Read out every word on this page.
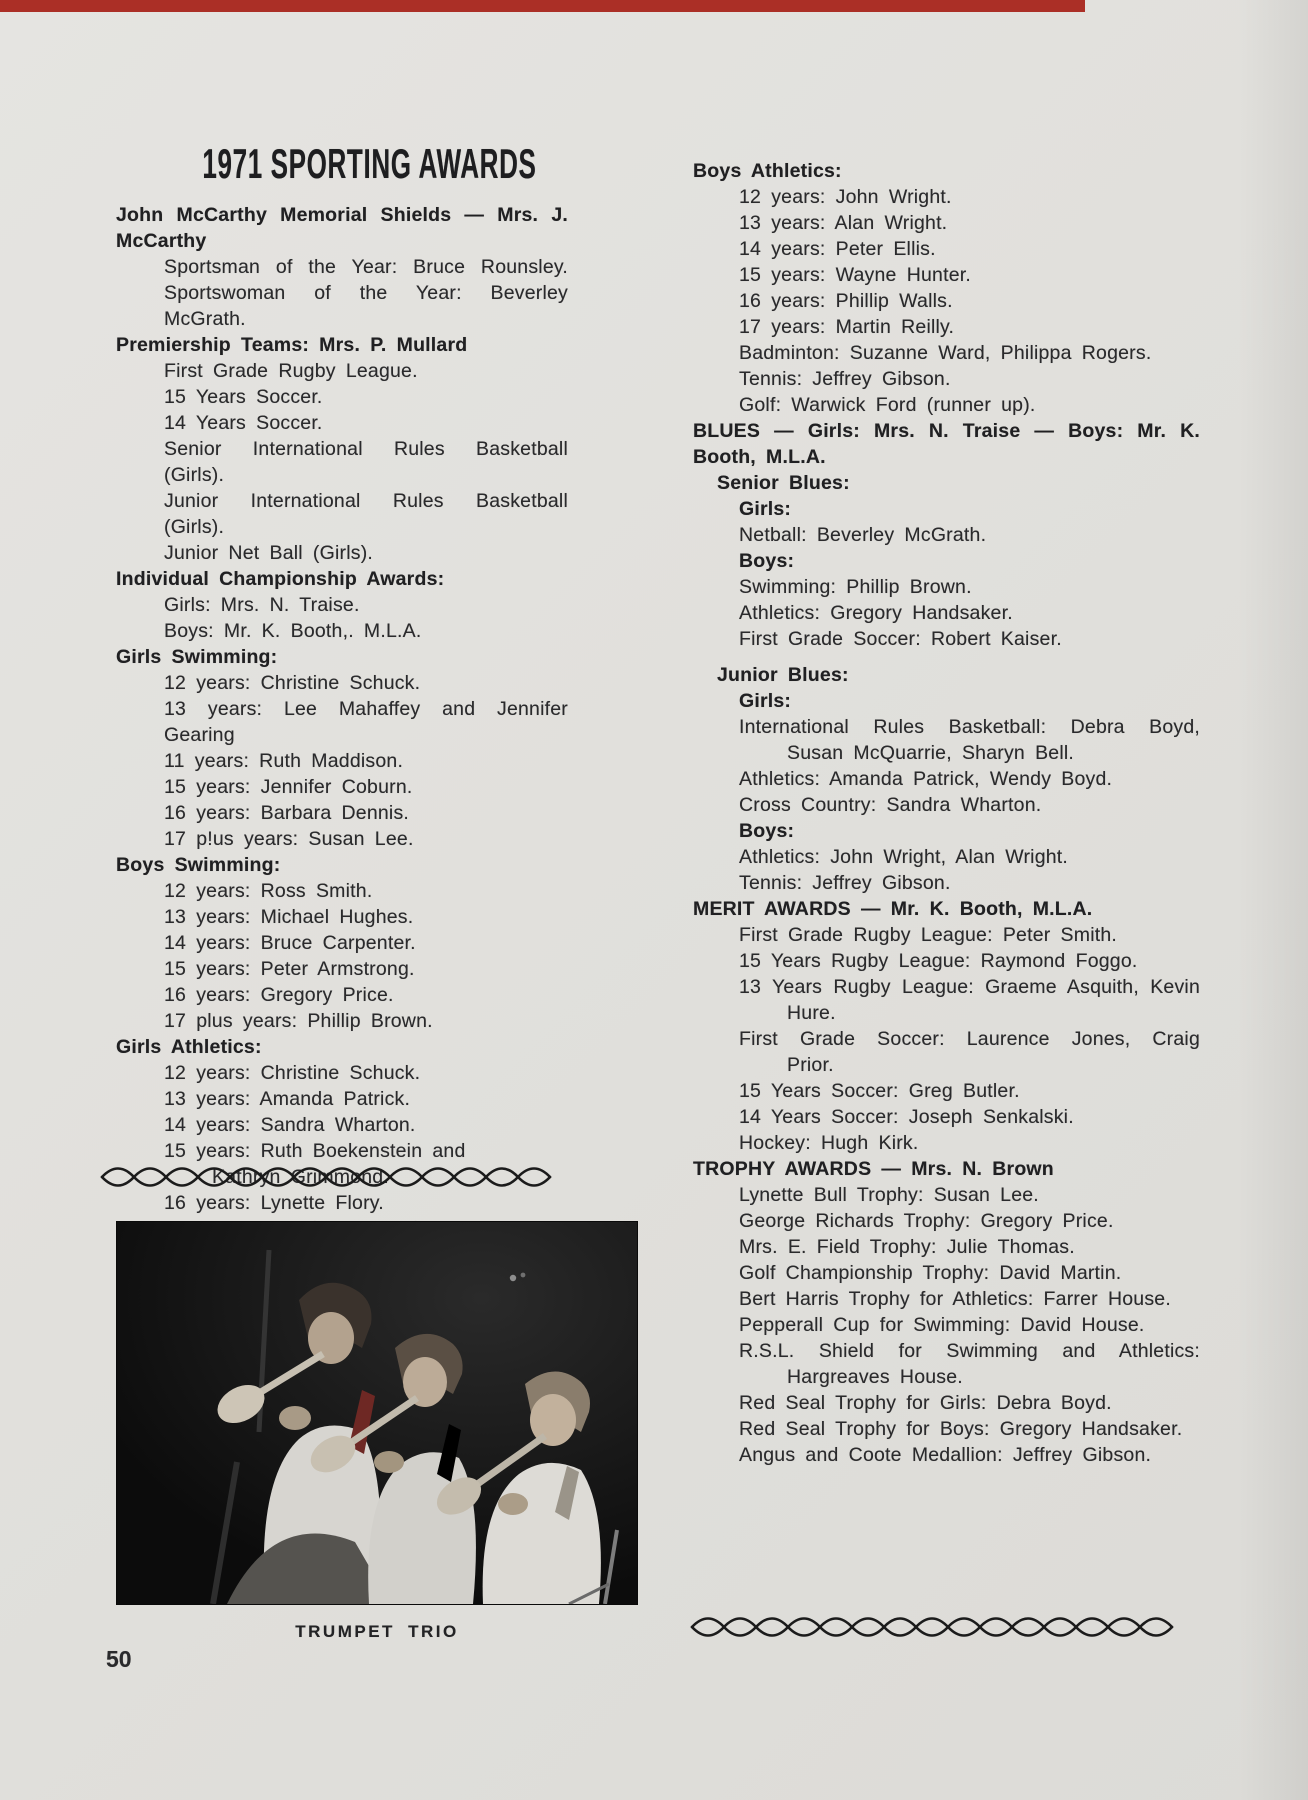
1971 SPORTING AWARDS
John McCarthy Memorial Shields — Mrs. J.
McCarthy
Sportsman of the Year: Bruce Rounsley.
Sportswoman of the Year: Beverley McGrath.
Premiership Teams: Mrs. P. Mullard
First Grade Rugby League.
15 Years Soccer.
14 Years Soccer.
Senior International Rules Basketball (Girls).
Junior International Rules Basketball (Girls).
Junior Net Ball (Girls).
Individual Championship Awards:
Girls: Mrs. N. Traise.
Boys: Mr. K. Booth,. M.L.A.
Girls Swimming:
12 years: Christine Schuck.
13 years: Lee Mahaffey and Jennifer Gearing
11 years: Ruth Maddison.
15 years: Jennifer Coburn.
16 years: Barbara Dennis.
17 p!us years: Susan Lee.
Boys Swimming:
12 years: Ross Smith.
13 years: Michael Hughes.
14 years: Bruce Carpenter.
15 years: Peter Armstrong.
16 years: Gregory Price.
17 plus years: Phillip Brown.
Girls Athletics:
12 years: Christine Schuck.
13 years: Amanda Patrick.
14 years: Sandra Wharton.
15 years: Ruth Boekenstein and
Kathryn Grimmond.
16 years: Lynette Flory.
Boys Athletics:
12 years: John Wright.
13 years: Alan Wright.
14 years: Peter Ellis.
15 years: Wayne Hunter.
16 years: Phillip Walls.
17 years: Martin Reilly.
Badminton: Suzanne Ward, Philippa Rogers.
Tennis: Jeffrey Gibson.
Golf: Warwick Ford (runner up).
BLUES — Girls: Mrs. N. Traise — Boys: Mr. K.
Booth, M.L.A.
Senior Blues:
Girls:
Netball: Beverley McGrath.
Boys:
Swimming: Phillip Brown.
Athletics: Gregory Handsaker.
First Grade Soccer: Robert Kaiser.
Junior Blues:
Girls:
International Rules Basketball: Debra Boyd,
Susan McQuarrie, Sharyn Bell.
Athletics: Amanda Patrick, Wendy Boyd.
Cross Country: Sandra Wharton.
Boys:
Athletics: John Wright, Alan Wright.
Tennis: Jeffrey Gibson.
MERIT AWARDS — Mr. K. Booth, M.L.A.
First Grade Rugby League: Peter Smith.
15 Years Rugby League: Raymond Foggo.
13 Years Rugby League: Graeme Asquith, Kevin
Hure.
First Grade Soccer: Laurence Jones, Craig
Prior.
15 Years Soccer: Greg Butler.
14 Years Soccer: Joseph Senkalski.
Hockey: Hugh Kirk.
TROPHY AWARDS — Mrs. N. Brown
Lynette Bull Trophy: Susan Lee.
George Richards Trophy: Gregory Price.
Mrs. E. Field Trophy: Julie Thomas.
Golf Championship Trophy: David Martin.
Bert Harris Trophy for Athletics: Farrer House.
Pepperall Cup for Swimming: David House.
R.S.L. Shield for Swimming and Athletics:
Hargreaves House.
Red Seal Trophy for Girls: Debra Boyd.
Red Seal Trophy for Boys: Gregory Handsaker.
Angus and Coote Medallion: Jeffrey Gibson.
TRUMPET TRIO
50
